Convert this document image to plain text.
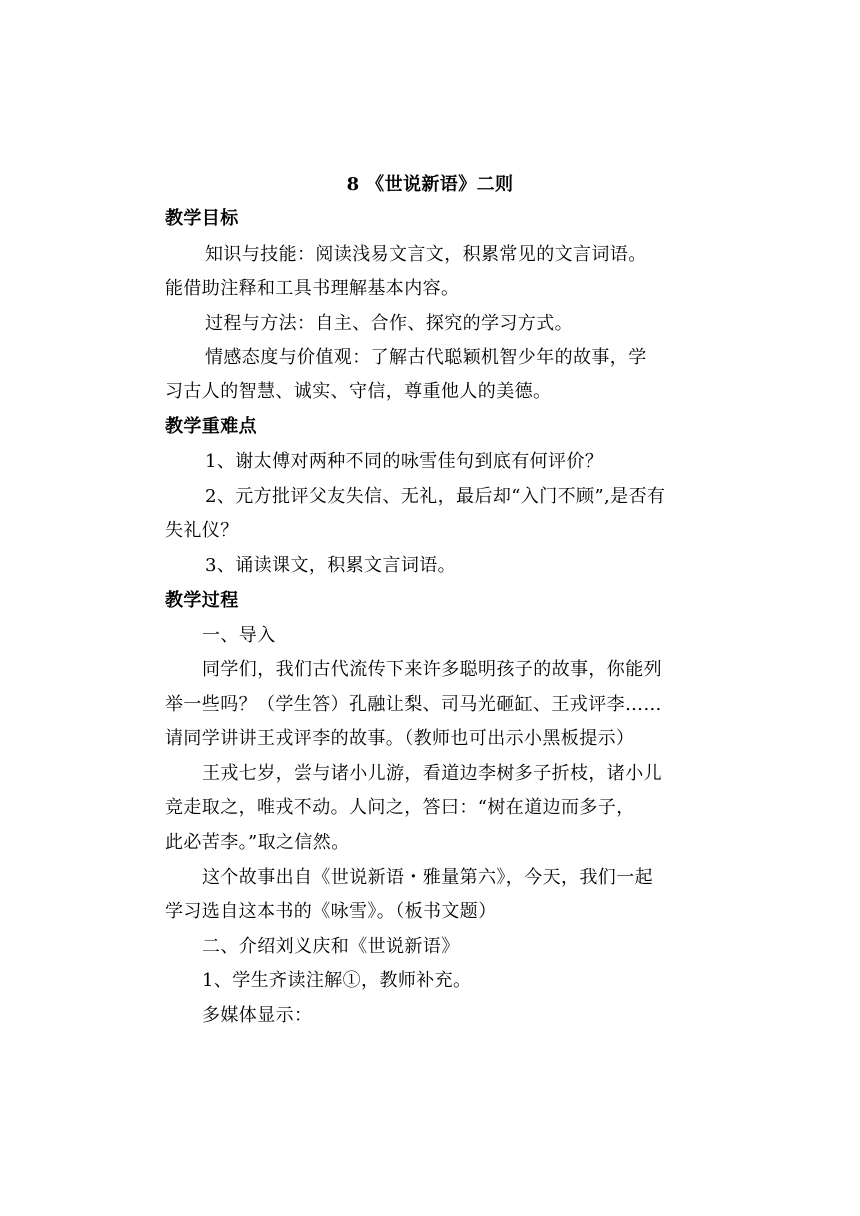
8 《世说新语》二则
教学目标
知识与技能：阅读浅易文言文，积累常见的文言词语。
能借助注释和工具书理解基本内容。
过程与方法：自主、合作、探究的学习方式。
情感态度与价值观：了解古代聪颖机智少年的故事，学
习古人的智慧、诚实、守信，尊重他人的美德。
教学重难点
1、谢太傅对两种不同的咏雪佳句到底有何评价？
2、元方批评父友失信、无礼，最后却“入门不顾”,是否有
失礼仪？
3、诵读课文，积累文言词语。
教学过程
一、导入
同学们，我们古代流传下来许多聪明孩子的故事，你能列
举一些吗？（学生答）孔融让梨、司马光砸缸、王戎评李……
请同学讲讲王戎评李的故事。（教师也可出示小黑板提示）
王戎七岁，尝与诸小儿游，看道边李树多子折枝，诸小儿
竞走取之，唯戎不动。人问之，答曰：“树在道边而多子，
此必苦李。”取之信然。
这个故事出自《世说新语・雅量第六》，今天，我们一起
学习选自这本书的《咏雪》。（板书文题）
二、介绍刘义庆和《世说新语》
1、学生齐读注解①，教师补充。
多媒体显示：
